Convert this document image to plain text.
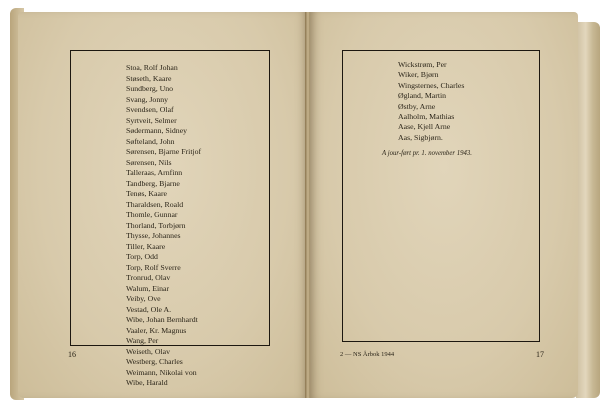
Stoa, Rolf Johan
Støseth, Kaare
Sundberg, Uno
Svang, Jonny
Svendsen, Olaf
Syrtveit, Selmer
Sødermann, Sidney
Søfteland, John
Sørensen, Bjarne Fritjof
Sørensen, Nils
Talleraas, Arnfinn
Tandberg, Bjarne
Tenøs, Kaare
Tharaldsen, Roald
Thomle, Gunnar
Thorland, Torbjørn
Thysse, Johannes
Tiller, Kaare
Torp, Odd
Torp, Rolf Sverre
Tronrud, Olav
Walum, Einar
Veiby, Ove
Vestad, Ole A.
Wibe, Johan Bernhardt
Vaaler, Kr. Magnus
Wang, Per
Weiseth, Olav
Westberg, Charles
Weimann, Nikolai von
Wibe, Harald
16
Wickstrøm, Per
Wiker, Bjørn
Wingsternes, Charles
Øgland, Martin
Østby, Arne
Aalholm, Mathias
Aase, Kjell Arne
Aas, Sigbjørn.
A jour-ført pr. 1. november 1943.
2 — NS Årbok 1944	17
